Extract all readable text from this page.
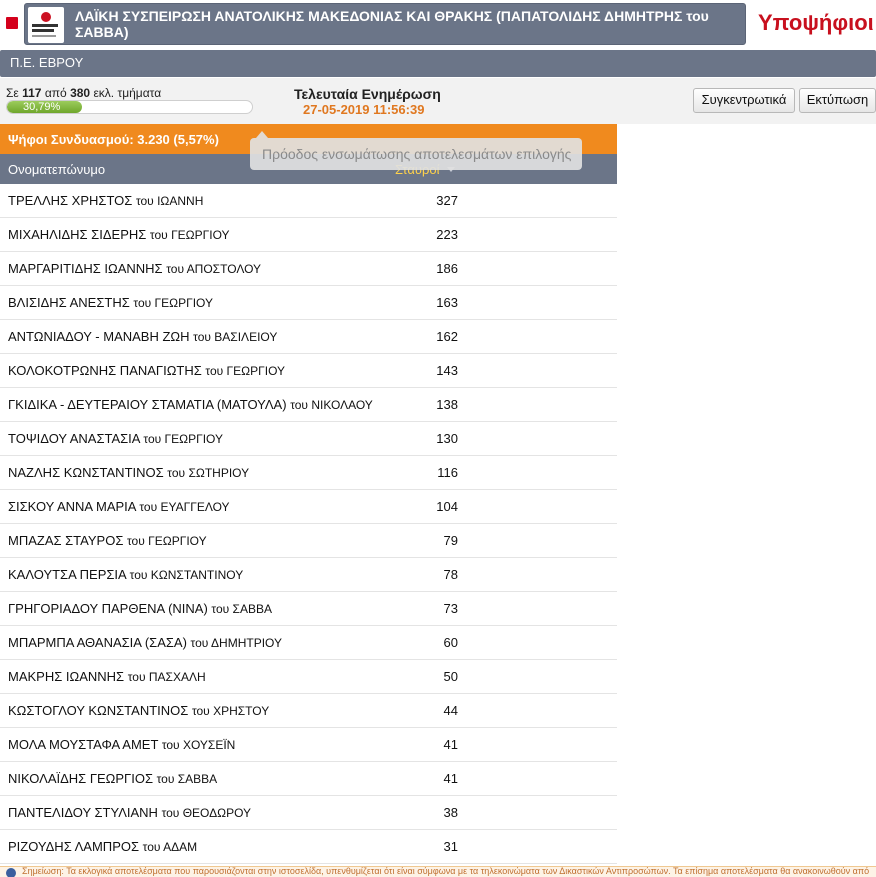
ΛΑΪΚΗ ΣΥΣΠΕΙΡΩΣΗ ΑΝΑΤΟΛΙΚΗΣ ΜΑΚΕΔΟΝΙΑΣ ΚΑΙ ΘΡΑΚΗΣ (ΠΑΠΑΤΟΛΙΔΗΣ ΔΗΜΗΤΡΗΣ του ΣΑΒΒΑ)	Υποψήφιοι
Π.Ε. ΕΒΡΟΥ
Σε 117 από 380 εκλ. τμήματα
30,79%
Τελευταία Ενημέρωση
27-05-2019 11:56:39
Συγκεντρωτικά	Εκτύπωση
Ψήφοι Συνδυασμού: 3.230 (5,57%)
Ονοματεπώνυμο
Πρόοδος ενσωμάτωσης αποτελεσμάτων επιλογής
ΤΡΕΛΛΗΣ ΧΡΗΣΤΟΣ του ΙΩΑΝΝΗ	327
ΜΙΧΑΗΛΙΔΗΣ ΣΙΔΕΡΗΣ του ΓΕΩΡΓΙΟΥ	223
ΜΑΡΓΑΡΙΤΙΔΗΣ ΙΩΑΝΝΗΣ του ΑΠΟΣΤΟΛΟΥ	186
ΒΛΙΣΙΔΗΣ ΑΝΕΣΤΗΣ του ΓΕΩΡΓΙΟΥ	163
ΑΝΤΩΝΙΑΔΟΥ - ΜΑΝΑΒΗ ΖΩΗ του ΒΑΣΙΛΕΙΟΥ	162
ΚΟΛΟΚΟΤΡΩΝΗΣ ΠΑΝΑΓΙΩΤΗΣ του ΓΕΩΡΓΙΟΥ	143
ΓΚΙΔΙΚΑ - ΔΕΥΤΕΡΑΙΟΥ ΣΤΑΜΑΤΙΑ (ΜΑΤΟΥΛΑ) του ΝΙΚΟΛΑΟΥ	138
ΤΟΨΙΔΟΥ ΑΝΑΣΤΑΣΙΑ του ΓΕΩΡΓΙΟΥ	130
ΝΑΖΛΗΣ ΚΩΝΣΤΑΝΤΙΝΟΣ του ΣΩΤΗΡΙΟΥ	116
ΣΙΣΚΟΥ ΑΝΝΑ ΜΑΡΙΑ του ΕΥΑΓΓΕΛΟΥ	104
ΜΠΑΖΑΣ ΣΤΑΥΡΟΣ του ΓΕΩΡΓΙΟΥ	79
ΚΑΛΟΥΤΣΑ ΠΕΡΣΙΑ του ΚΩΝΣΤΑΝΤΙΝΟΥ	78
ΓΡΗΓΟΡΙΑΔΟΥ ΠΑΡΘΕΝΑ (ΝΙΝΑ) του ΣΑΒΒΑ	73
ΜΠΑΡΜΠΑ ΑΘΑΝΑΣΙΑ (ΣΑΣΑ) του ΔΗΜΗΤΡΙΟΥ	60
ΜΑΚΡΗΣ ΙΩΑΝΝΗΣ του ΠΑΣΧΑΛΗ	50
ΚΩΣΤΟΓΛΟΥ ΚΩΝΣΤΑΝΤΙΝΟΣ του ΧΡΗΣΤΟΥ	44
ΜΟΛΑ ΜΟΥΣΤΑΦΑ ΑΜΕΤ του ΧΟΥΣΕΪΝ	41
ΝΙΚΟΛΑΪΔΗΣ ΓΕΩΡΓΙΟΣ του ΣΑΒΒΑ	41
ΠΑΝΤΕΛΙΔΟΥ ΣΤΥΛΙΑΝΗ του ΘΕΟΔΩΡΟΥ	38
ΡΙΖΟΥΔΗΣ ΛΑΜΠΡΟΣ του ΑΔΑΜ	31
Σημείωση: Τα εκλογικά αποτελέσματα που παρουσιάζονται στην ιστοσελίδα, υπενθυμίζεται ότι είναι σύμφωνα με τα τηλεκοινώματα των Δικαστικών Αντιπροσώπων. Τα επίσημα αποτελέσματα θα ανακοινωθούν από
